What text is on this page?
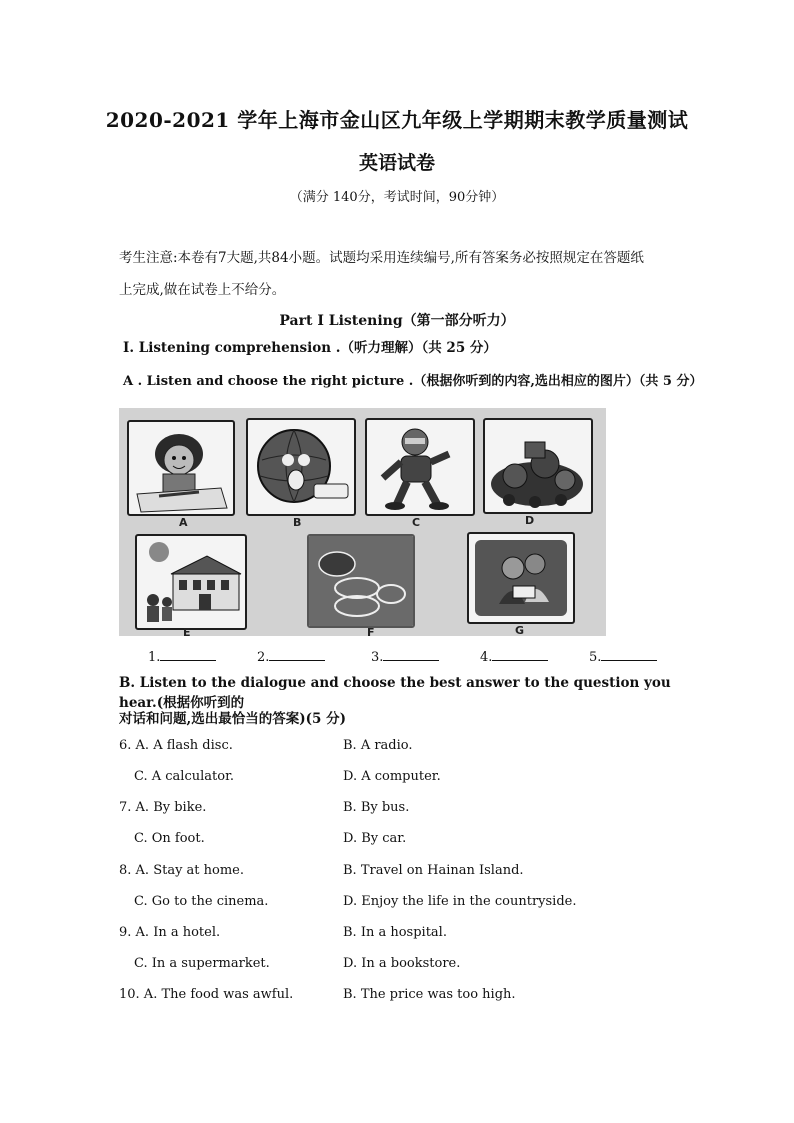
2020-2021 学年上海市金山区九年级上学期期末教学质量测试
英语试卷
（满分 140分，考试时间，90分钟）
考生注意:本卷有7大题,共84小题。试题均采用连续编号,所有答案务必按照规定在答题纸
上完成,做在试卷上不给分。
Part Ⅰ Listening（第一部分听力）
Ⅰ. Listening comprehension .（听力理解）（共 25 分）
A . Listen and choose the right picture .（根据你听到的内容,选出相应的图片）（共 5 分）
A	B	C	D
E	F	G
1.	2.	3.	4.	5.
B. Listen to the dialogue and choose the best answer to the question you hear.(根据你听到的
对话和问题,选出最恰当的答案)(5 分)
6. A. A flash disc.	B. A radio.
C. A calculator.	D. A computer.
7. A. By bike.	B. By bus.
C. On foot.	D. By car.
8. A. Stay at home.	B. Travel on Hainan Island.
C. Go to the cinema.	D. Enjoy the life in the countryside.
9. A. In a hotel.	B. In a hospital.
C. In a supermarket.	D. In a bookstore.
10. A. The food was awful.	B. The price was too high.
